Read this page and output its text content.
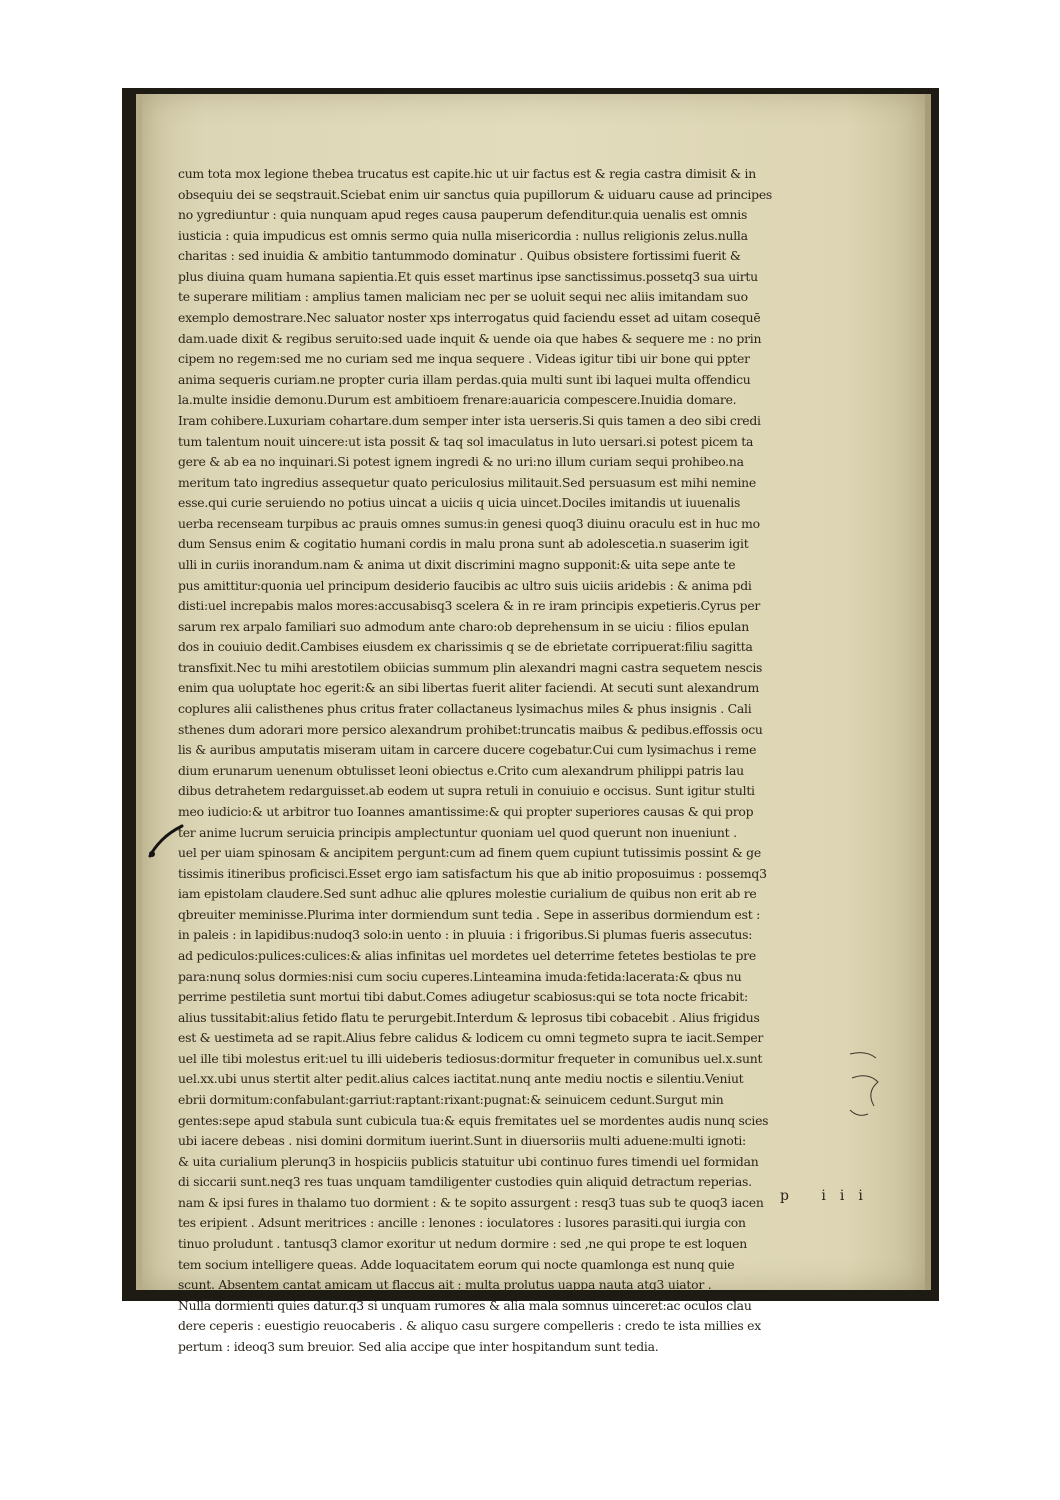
cum tota mox legione thebea trucatus est capite.hic ut uir factus est & regia castra dimisit & in
obsequiu dei se seqstrauit.Sciebat enim uir sanctus quia pupillorum & uiduaru cause ad principes
no ygrediuntur : quia nunquam apud reges causa pauperum defenditur.quia uenalis est omnis
iusticia : quia impudicus est omnis sermo quia nulla misericordia : nullus religionis zelus.nulla
charitas : sed inuidia & ambitio tantummodo dominatur . Quibus obsistere fortissimi fuerit &
plus diuina quam humana sapientia.Et quis esset martinus ipse sanctissimus.possetq3 sua uirtu
te superare militiam : amplius tamen maliciam nec per se uoluit sequi nec aliis imitandam suo
exemplo demostrare.Nec saluator noster xps interrogatus quid faciendu esset ad uitam cosequē
dam.uade dixit & regibus seruito:sed uade inquit & uende oia que habes & sequere me : no prin
cipem no regem:sed me no curiam sed me inqua sequere . Videas igitur tibi uir bone qui ppter
anima sequeris curiam.ne propter curia illam perdas.quia multi sunt ibi laquei multa offendicu
la.multe insidie demonu.Durum est ambitioem frenare:auaricia compescere.Inuidia domare.
Iram cohibere.Luxuriam cohartare.dum semper inter ista uerseris.Si quis tamen a deo sibi credi
tum talentum nouit uincere:ut ista possit & taq sol imaculatus in luto uersari.si potest picem ta
gere & ab ea no inquinari.Si potest ignem ingredi & no uri:no illum curiam sequi prohibeo.na
meritum tato ingredius assequetur quato periculosius militauit.Sed persuasum est mihi nemine
esse.qui curie seruiendo no potius uincat a uiciis q uicia uincet.Dociles imitandis ut iuuenalis
uerba recenseam turpibus ac prauis omnes sumus:in genesi quoq3 diuinu oraculu est in huc mo
dum Sensus enim & cogitatio humani cordis in malu prona sunt ab adolescetia.n suaserim igit
ulli in curiis inorandum.nam & anima ut dixit discrimini magno supponit:& uita sepe ante te
pus amittitur:quonia uel principum desiderio faucibis ac ultro suis uiciis aridebis : & anima pdi
disti:uel increpabis malos mores:accusabisq3 scelera & in re iram principis expetieris.Cyrus per
sarum rex arpalo familiari suo admodum ante charo:ob deprehensum in se uiciu : filios epulan
dos in couiuio dedit.Cambises eiusdem ex charissimis q se de ebrietate corripuerat:filiu sagitta
transfixit.Nec tu mihi arestotilem obiicias summum plin alexandri magni castra sequetem nescis
enim qua uoluptate hoc egerit:& an sibi libertas fuerit aliter faciendi. At secuti sunt alexandrum
coplures alii calisthenes phus critus frater collactaneus lysimachus miles & phus insignis . Cali
sthenes dum adorari more persico alexandrum prohibet:truncatis maibus & pedibus.effossis ocu
lis & auribus amputatis miseram uitam in carcere ducere cogebatur.Cui cum lysimachus i reme
dium erunarum uenenum obtulisset leoni obiectus e.Crito cum alexandrum philippi patris lau
dibus detrahetem redarguisset.ab eodem ut supra retuli in conuiuio e occisus. Sunt igitur stulti
meo iudicio:& ut arbitror tuo Ioannes amantissime:& qui propter superiores causas & qui prop
ter anime lucrum seruicia principis amplectuntur quoniam uel quod querunt non inueniunt .
uel per uiam spinosam & ancipitem pergunt:cum ad finem quem cupiunt tutissimis possint & ge
tissimis itineribus proficisci.Esset ergo iam satisfactum his que ab initio proposuimus : possemq3
iam epistolam claudere.Sed sunt adhuc alie qplures molestie curialium de quibus non erit ab re
qbreuiter meminisse.Plurima inter dormiendum sunt tedia . Sepe in asseribus dormiendum est :
in paleis : in lapidibus:nudoq3 solo:in uento : in pluuia : i frigoribus.Si plumas fueris assecutus:
ad pediculos:pulices:culices:& alias infinitas uel mordetes uel deterrime fetetes bestiolas te pre
para:nunq solus dormies:nisi cum sociu cuperes.Linteamina imuda:fetida:lacerata:& qbus nu
perrime pestiletia sunt mortui tibi dabut.Comes adiugetur scabiosus:qui se tota nocte fricabit:
alius tussitabit:alius fetido flatu te perurgebit.Interdum & leprosus tibi cobacebit . Alius frigidus
est & uestimeta ad se rapit.Alius febre calidus & lodicem cu omni tegmeto supra te iacit.Semper
uel ille tibi molestus erit:uel tu illi uideberis tediosus:dormitur frequeter in comunibus uel.x.sunt
uel.xx.ubi unus stertit alter pedit.alius calces iactitat.nunq ante mediu noctis e silentiu.Veniut
ebrii dormitum:confabulant:garriut:raptant:rixant:pugnat:& seinuicem cedunt.Surgut min
gentes:sepe apud stabula sunt cubicula tua:& equis fremitates uel se mordentes audis nunq scies
ubi iacere debeas . nisi domini dormitum iuerint.Sunt in diuersoriis multi aduene:multi ignoti:
& uita curialium plerunq3 in hospiciis publicis statuitur ubi continuo fures timendi uel formidan
di siccarii sunt.neq3 res tuas unquam tamdiligenter custodies quin aliquid detractum reperias.
nam & ipsi fures in thalamo tuo dormient : & te sopito assurgent : resq3 tuas sub te quoq3 iacen
tes eripient . Adsunt meritrices : ancille : lenones : ioculatores : lusores parasiti.qui iurgia con
tinuo proludunt . tantusq3 clamor exoritur ut nedum dormire : sed ,ne qui prope te est loquen
tem socium intelligere queas. Adde loquacitatem eorum qui nocte quamlonga est nunq quie
scunt. Absentem cantat amicam ut flaccus ait : multa prolutus uappa nauta atq3 uiator .
Nulla dormienti quies datur.q3 si unquam rumores & alia mala somnus uinceret:ac oculos clau
dere ceperis : euestigio reuocaberis . & aliquo casu surgere compelleris : credo te ista millies ex
pertum : ideoq3 sum breuior. Sed alia accipe que inter hospitandum sunt tedia.
p iii
